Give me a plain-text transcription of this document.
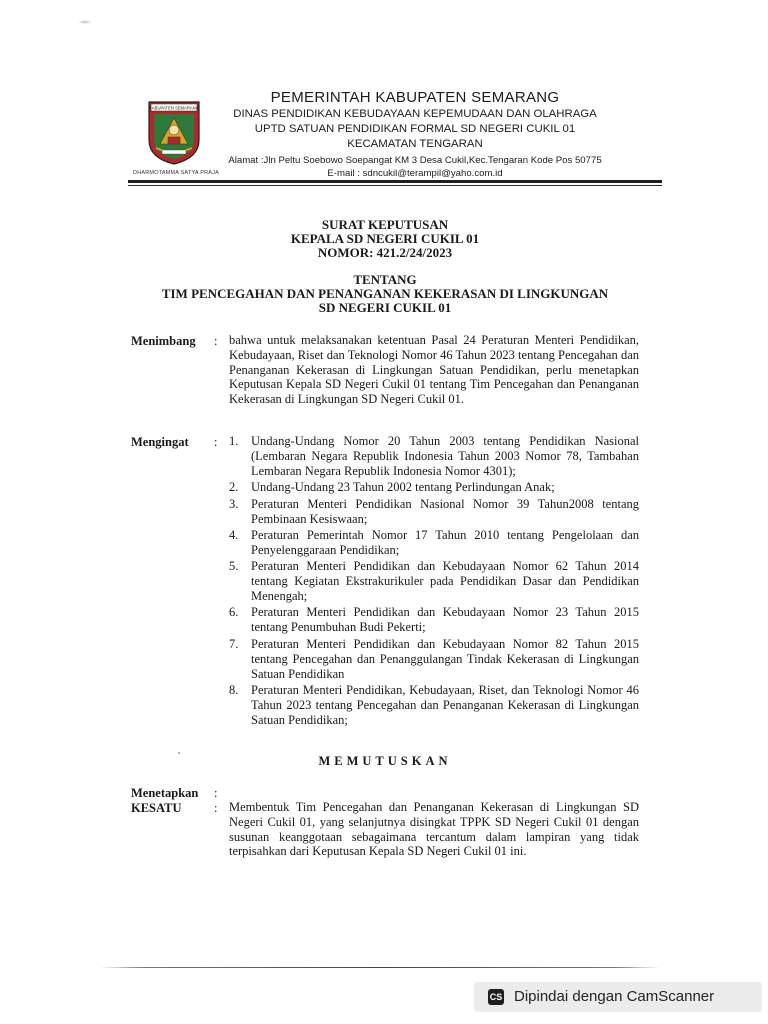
KABUPATEN SEMARANG
DHARMOTAMMA SATYA PRAJA
PEMERINTAH KABUPATEN SEMARANG
DINAS PENDIDIKAN KEBUDAYAAN KEPEMUDAAN DAN OLAHRAGA
UPTD SATUAN PENDIDIKAN FORMAL SD NEGERI CUKIL 01
KECAMATAN TENGARAN
Alamat :Jln Peltu Soebowo Soepangat KM 3 Desa Cukil,Kec.Tengaran Kode Pos 50775
E-mail : sdncukil@terampil@yaho.com.id
SURAT KEPUTUSAN
KEPALA SD NEGERI CUKIL 01
NOMOR: 421.2/24/2023
TENTANG
TIM PENCEGAHAN DAN PENANGANAN KEKERASAN DI LINGKUNGAN
SD NEGERI CUKIL 01
Menimbang : bahwa untuk melaksanakan ketentuan Pasal 24 Peraturan Menteri Pendidikan, Kebudayaan, Riset dan Teknologi Nomor 46 Tahun 2023 tentang Pencegahan dan Penanganan Kekerasan di Lingkungan Satuan Pendidikan, perlu menetapkan Keputusan Kepala SD Negeri Cukil 01 tentang Tim Pencegahan dan Penanganan Kekerasan di Lingkungan SD Negeri Cukil 01.
Mengingat : 1. Undang-Undang Nomor 20 Tahun 2003 tentang Pendidikan Nasional (Lembaran Negara Republik Indonesia Tahun 2003 Nomor 78, Tambahan Lembaran Negara Republik Indonesia Nomor 4301);
2. Undang-Undang 23 Tahun 2002 tentang Perlindungan Anak;
3. Peraturan Menteri Pendidikan Nasional Nomor 39 Tahun2008 tentang Pembinaan Kesiswaan;
4. Peraturan Pemerintah Nomor 17 Tahun 2010 tentang Pengelolaan dan Penyelenggaraan Pendidikan;
5. Peraturan Menteri Pendidikan dan Kebudayaan Nomor 62 Tahun 2014 tentang Kegiatan Ekstrakurikuler pada Pendidikan Dasar dan Pendidikan Menengah;
6. Peraturan Menteri Pendidikan dan Kebudayaan Nomor 23 Tahun 2015 tentang Penumbuhan Budi Pekerti;
7. Peraturan Menteri Pendidikan dan Kebudayaan Nomor 82 Tahun 2015 tentang Pencegahan dan Penanggulangan Tindak Kekerasan di Lingkungan Satuan Pendidikan
8. Peraturan Menteri Pendidikan, Kebudayaan, Riset, dan Teknologi Nomor 46 Tahun 2023 tentang Pencegahan dan Penanganan Kekerasan di Lingkungan Satuan Pendidikan;
MEMUTUSKAN
Menetapkan :
KESATU	: Membentuk Tim Pencegahan dan Penanganan Kekerasan di Lingkungan SD Negeri Cukil 01, yang selanjutnya disingkat TPPK SD Negeri Cukil 01 dengan susunan keanggotaan sebagaimana tercantum dalam lampiran yang tidak terpisahkan dari Keputusan Kepala SD Negeri Cukil 01 ini.
CS Dipindai dengan CamScanner
